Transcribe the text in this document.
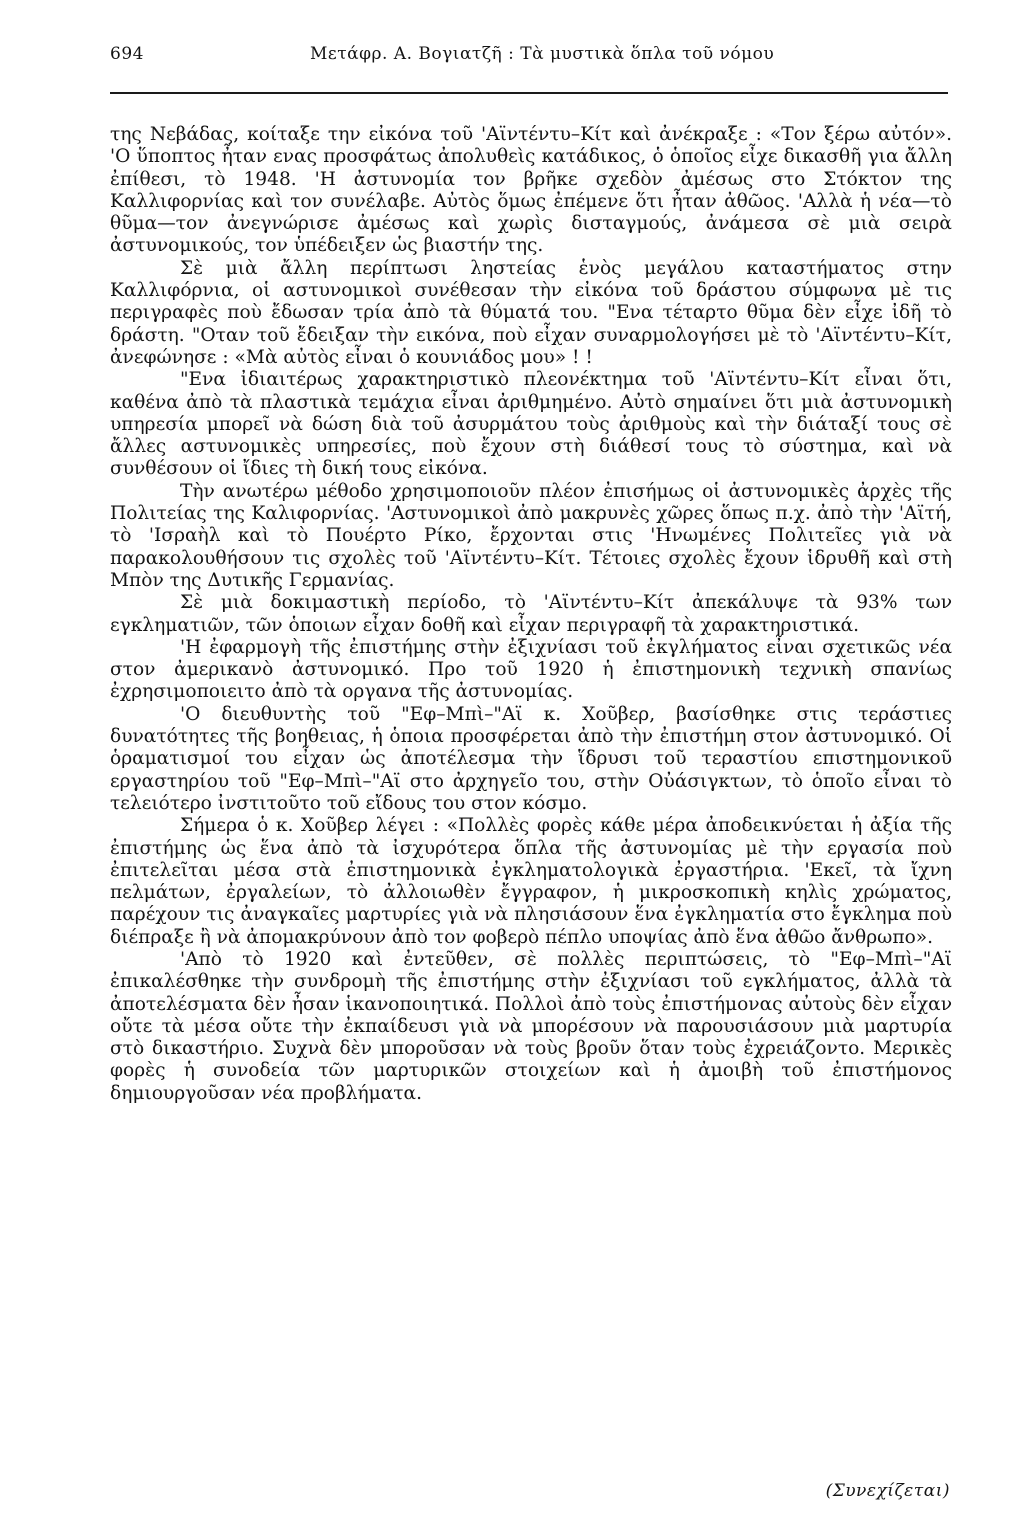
694	Μετάφρ. Α. Βογιατζῆ : Τὰ μυστικὰ ὅπλα τοῦ νόμου

της Νεβάδας, κοίταξε την εἰκόνα τοῦ 'Αϊντέντυ–Κίτ καὶ ἀνέκραξε : «Τον ξέρω αὐτόν». 'Ο ὕποπτος ἦταν ενας προσφάτως ἀπολυθεὶς κατάδικος, ὁ ὁποῖος εἶχε δικασθῆ για ἄλλη ἐπίθεσι, τὸ 1948. 'Η ἀστυνομία τον βρῆκε σχεδὸν ἀμέσως στο Στόκτον της Καλλιφορνίας καὶ τον συνέλαβε. Αὐτὸς ὅμως ἐπέμενε ὅτι ἦταν ἀθῶος. 'Αλλὰ ἡ νέα—τὸ θῦμα—τον ἀνεγνώρισε ἀμέσως καὶ χωρὶς δισταγμούς, ἀνάμεσα σὲ μιὰ σειρὰ ἀστυνομικούς, τον ὑπέδειξεν ὡς βιαστήν της.

Σὲ μιὰ ἄλλη περίπτωσι ληστείας ἑνὸς μεγάλου καταστήματος στην Καλλιφόρνια, οἱ αστυνομικοὶ συνέθεσαν τὴν εἰκόνα τοῦ δράστου σύμφωνα μὲ τις περιγραφὲς ποὺ ἔδωσαν τρία ἀπὸ τὰ θύματά του. "Ενα τέταρτο θῦμα δὲν εἶχε ἰδῆ τὸ δράστη. "Οταν τοῦ ἔδειξαν τὴν εικόνα, ποὺ εἶχαν συναρμολογήσει μὲ τὸ 'Αϊντέντυ–Κίτ, ἀνεφώνησε : «Μὰ αὐτὸς εἶναι ὁ κουνιάδος μου» ! !

"Ενα ἰδιαιτέρως χαρακτηριστικὸ πλεονέκτημα τοῦ 'Αϊντέντυ–Κίτ εἶναι ὅτι, καθένα ἀπὸ τὰ πλαστικὰ τεμάχια εἶναι ἀριθμημένο. Αὐτὸ σημαίνει ὅτι μιὰ ἀστυνομικὴ υπηρεσία μπορεῖ νὰ δώση διὰ τοῦ ἀσυρμάτου τοὺς ἀριθμοὺς καὶ τὴν διάταξί τους σὲ ἄλλες αστυνομικὲς υπηρεσίες, ποὺ ἔχουν στὴ διάθεσί τους τὸ σύστημα, καὶ νὰ συνθέσουν οἱ ἴδιες τὴ δική τους εἰκόνα.

Τὴν ανωτέρω μέθοδο χρησιμοποιοῦν πλέον ἐπισήμως οἱ ἀστυνομικὲς ἀρχὲς τῆς Πολιτείας της Καλιφορνίας. 'Αστυνομικοὶ ἀπὸ μακρυνὲς χῶρες ὅπως π.χ. ἀπὸ τὴν 'Αϊτή, τὸ 'Ισραὴλ καὶ τὸ Πουέρτο Ρίκο, ἔρχονται στις 'Ηνωμένες Πολιτεῖες γιὰ νὰ παρακολουθήσουν τις σχολὲς τοῦ 'Αϊντέντυ–Κίτ. Τέτοιες σχολὲς ἔχουν ἱδρυθῆ καὶ στὴ Μπὸν της Δυτικῆς Γερμανίας.

Σὲ μιὰ δοκιμαστικὴ περίοδο, τὸ 'Αϊντέντυ–Κίτ ἀπεκάλυψε τὰ 93% των εγκληματιῶν, τῶν ὁποιων εἶχαν δοθῆ καὶ εἶχαν περιγραφῆ τὰ χαρακτηριστικά.

'Η ἐφαρμογὴ τῆς ἐπιστήμης στὴν ἐξιχνίασι τοῦ ἐκγλήματος εἶναι σχετικῶς νέα στον ἀμερικανὸ ἀστυνομικό. Προ τοῦ 1920 ἡ ἐπιστημονικὴ τεχνικὴ σπανίως ἐχρησιμοποιειτο ἀπὸ τὰ οργανα τῆς ἀστυνομίας.

'Ο διευθυντὴς τοῦ "Εφ–Μπὶ–"Αϊ κ. Χοῦβερ, βασίσθηκε στις τεράστιες δυνατότητες τῆς βοηθειας, ἡ ὁποια προσφέρεται ἀπὸ τὴν ἐπιστήμη στον ἀστυνομικό. Οἱ ὁραματισμοί του εἶχαν ὡς ἀποτέλεσμα τὴν ἵδρυσι τοῦ τεραστίου επιστημονικοῦ εργαστηρίου τοῦ "Εφ–Μπὶ–"Αϊ στο ἀρχηγεῖο του, στὴν Οὐάσιγκτων, τὸ ὁποῖο εἶναι τὸ τελειότερο ἰνστιτοῦτο τοῦ εἴδους του στον κόσμο.

Σήμερα ὁ κ. Χοῦβερ λέγει : «Πολλὲς φορὲς κάθε μέρα ἀποδεικνύεται ἡ ἀξία τῆς ἐπιστήμης ὡς ἕνα ἀπὸ τὰ ἰσχυρότερα ὅπλα τῆς ἀστυνομίας μὲ τὴν εργασία ποὺ ἐπιτελεῖται μέσα στὰ ἐπιστημονικὰ ἐγκληματολογικὰ ἐργαστήρια. 'Εκεῖ, τὰ ἴχνη πελμάτων, ἐργαλείων, τὸ ἀλλοιωθὲν ἔγγραφον, ἡ μικροσκοπικὴ κηλὶς χρώματος, παρέχουν τις ἀναγκαῖες μαρτυρίες γιὰ νὰ πλησιάσουν ἕνα ἐγκληματία στο ἔγκλημα ποὺ διέπραξε ἢ νὰ ἀπομακρύνουν ἀπὸ τον φοβερὸ πέπλο υποψίας ἀπὸ ἕνα ἀθῶο ἄνθρωπο».

'Απὸ τὸ 1920 καὶ ἐντεῦθεν, σὲ πολλὲς περιπτώσεις, τὸ "Εφ–Μπὶ–"Αϊ ἐπικαλέσθηκε τὴν συνδρομὴ τῆς ἐπιστήμης στὴν ἐξιχνίασι τοῦ εγκλήματος, ἀλλὰ τὰ ἀποτελέσματα δὲν ἦσαν ἱκανοποιητικά. Πολλοὶ ἀπὸ τοὺς ἐπιστήμονας αὐτοὺς δὲν εἶχαν οὔτε τὰ μέσα οὔτε τὴν ἐκπαίδευσι γιὰ νὰ μπορέσουν νὰ παρουσιάσουν μιὰ μαρτυρία στὸ δικαστήριο. Συχνὰ δὲν μποροῦσαν νὰ τοὺς βροῦν ὅταν τοὺς ἐχρειάζοντο. Μερικὲς φορὲς ἡ συνοδεία τῶν μαρτυρικῶν στοιχείων καὶ ἡ ἀμοιβὴ τοῦ ἐπιστήμονος δημιουργοῦσαν νέα προβλήματα.

(Συνεχίζεται)
